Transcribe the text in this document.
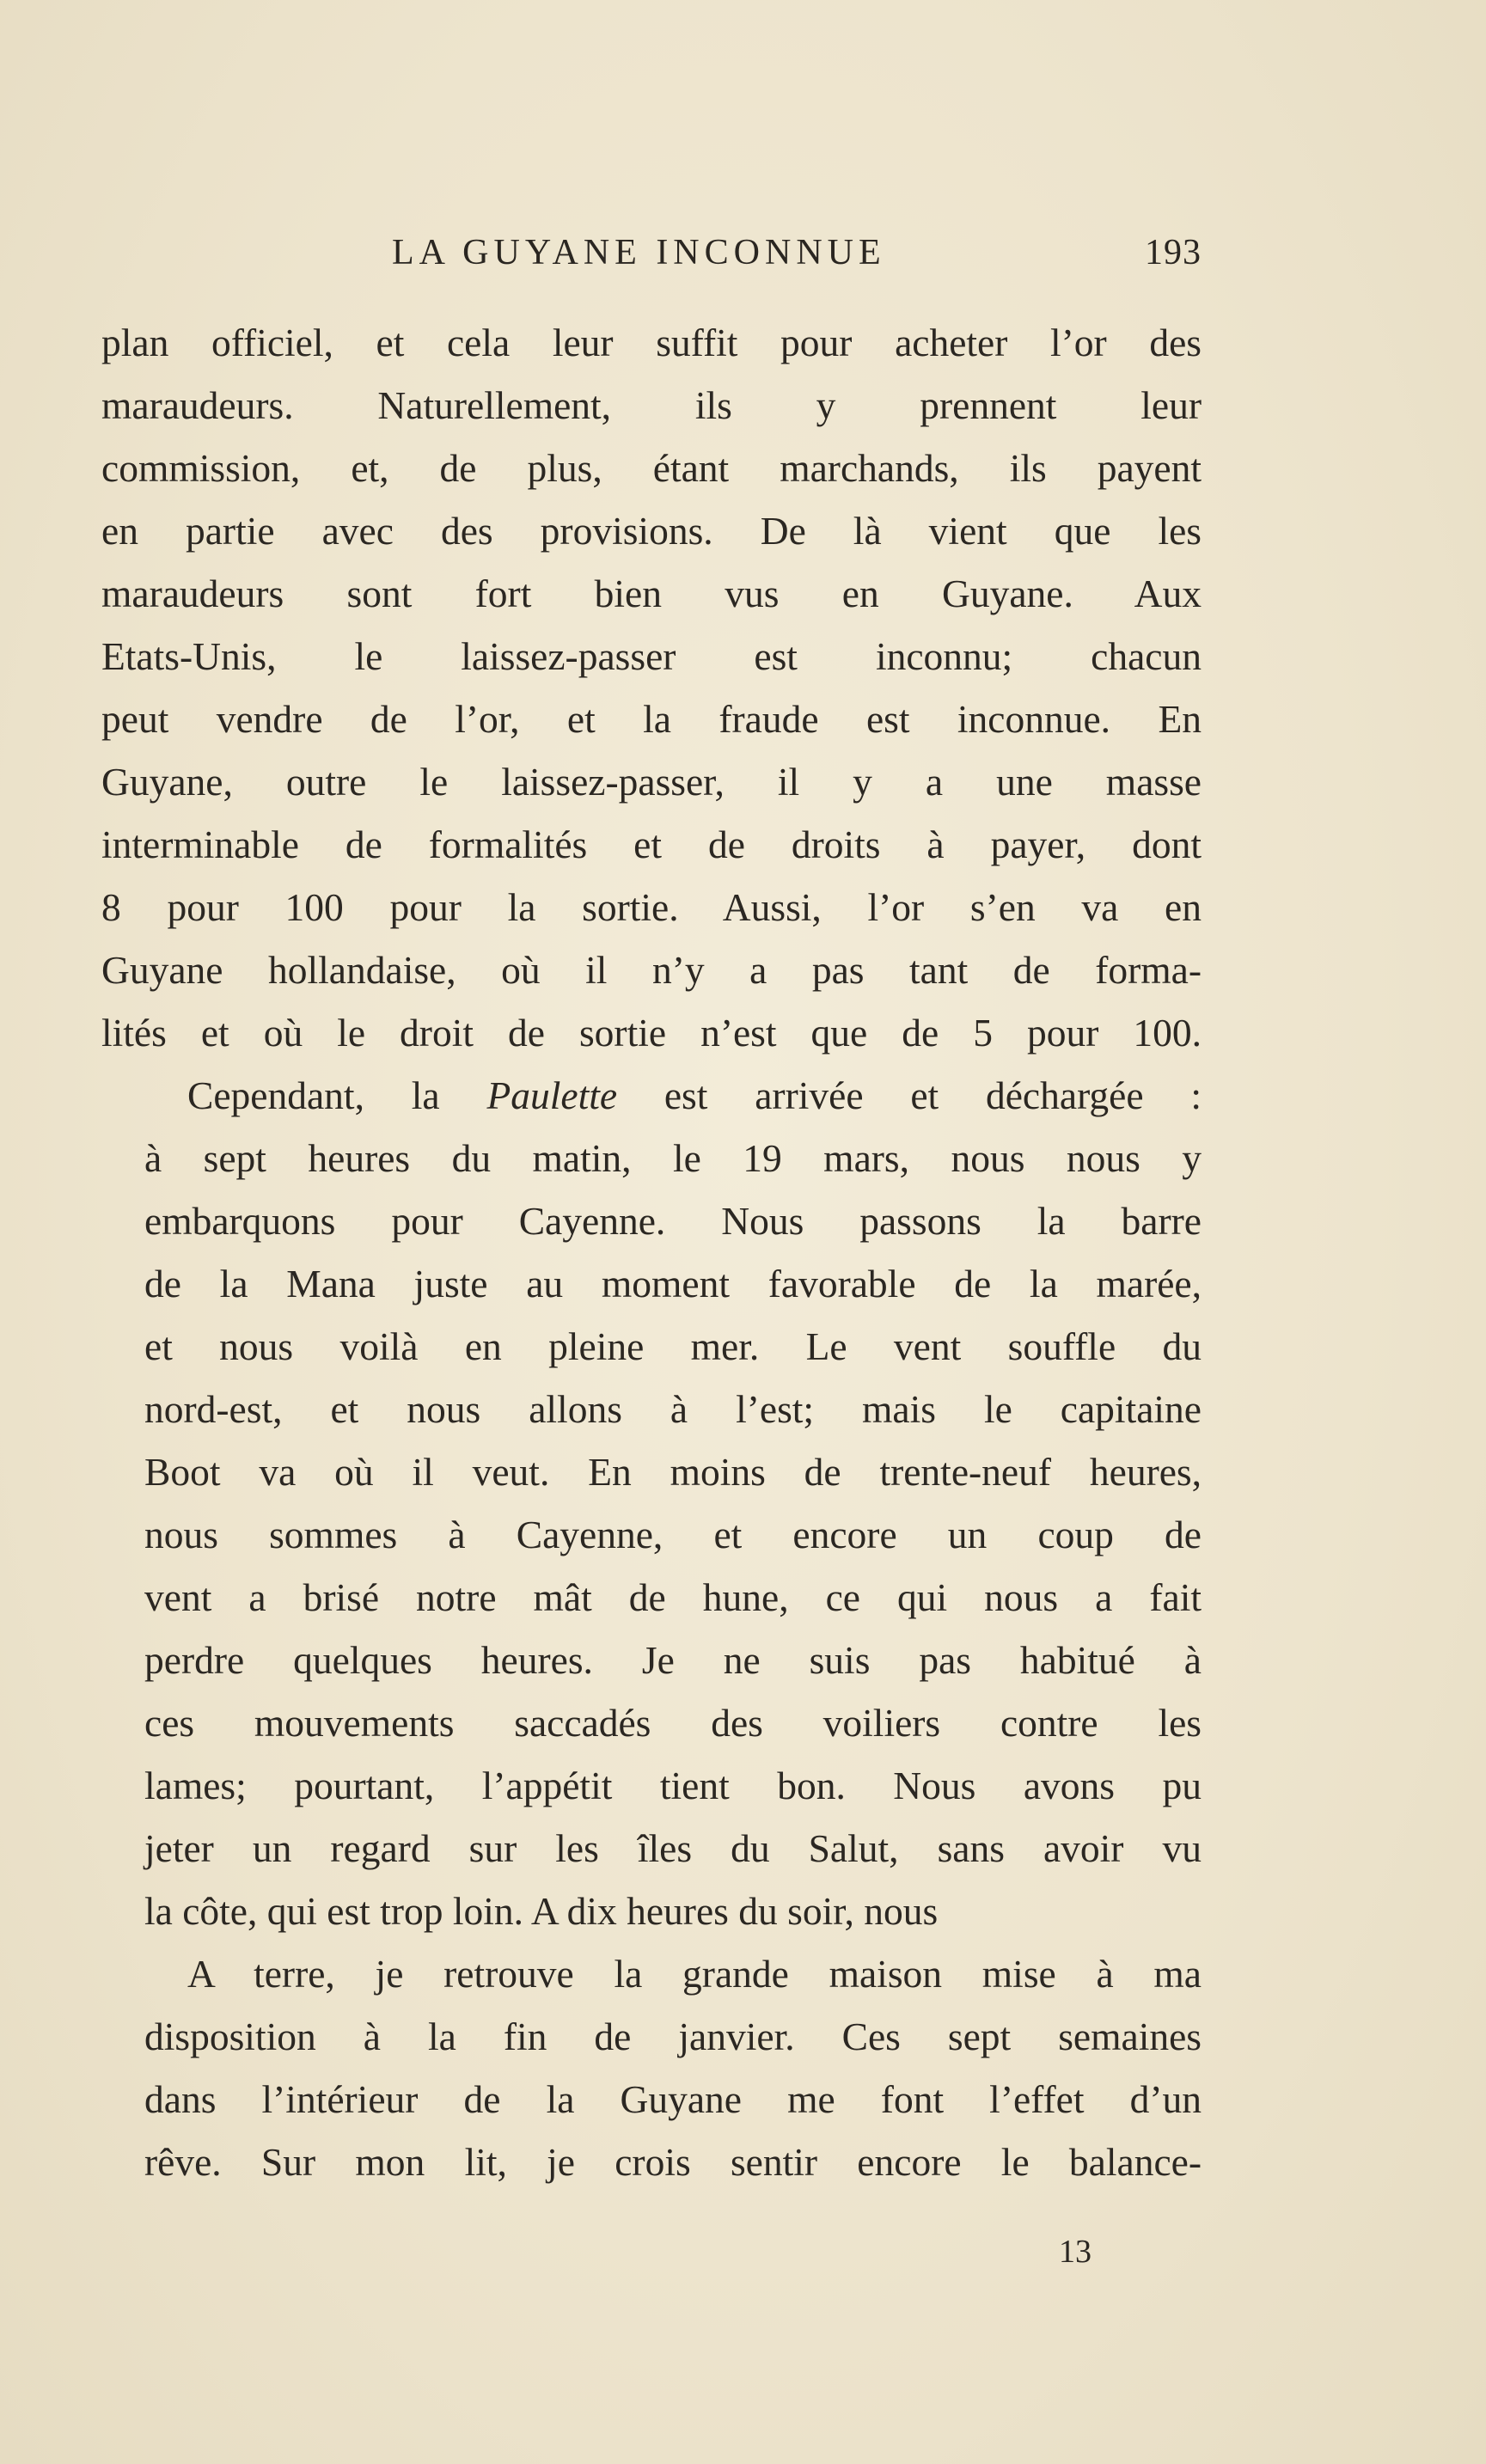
LA GUYANE INCONNUE	193
plan officiel, et cela leur suffit pour acheter l’or des
maraudeurs. Naturellement, ils y prennent leur
commission, et, de plus, étant marchands, ils payent
en partie avec des provisions. De là vient que les
maraudeurs sont fort bien vus en Guyane. Aux
Etats-Unis, le laissez-passer est inconnu; chacun
peut vendre de l’or, et la fraude est inconnue. En
Guyane, outre le laissez-passer, il y a une masse
interminable de formalités et de droits à payer, dont
8 pour 100 pour la sortie. Aussi, l’or s’en va en
Guyane hollandaise, où il n’y a pas tant de forma-
lités et où le droit de sortie n’est que de 5 pour 100.
Cependant, la Paulette est arrivée et déchargée :
à sept heures du matin, le 19 mars, nous nous y
embarquons pour Cayenne. Nous passons la barre
de la Mana juste au moment favorable de la marée,
et nous voilà en pleine mer. Le vent souffle du
nord-est, et nous allons à l’est; mais le capitaine
Boot va où il veut. En moins de trente-neuf heures,
nous sommes à Cayenne, et encore un coup de
vent a brisé notre mât de hune, ce qui nous a fait
perdre quelques heures. Je ne suis pas habitué à
ces mouvements saccadés des voiliers contre les
lames; pourtant, l’appétit tient bon. Nous avons pu
jeter un regard sur les îles du Salut, sans avoir vu
la côte, qui est trop loin. A dix heures du soir, nous
A terre, je retrouve la grande maison mise à ma
disposition à la fin de janvier. Ces sept semaines
dans l’intérieur de la Guyane me font l’effet d’un
rêve. Sur mon lit, je crois sentir encore le balance-
13
